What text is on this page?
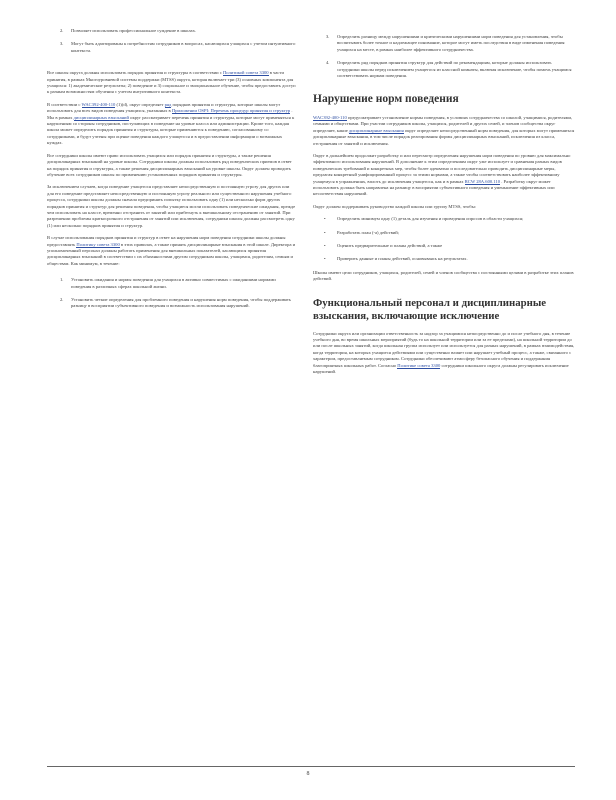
2. Позволяет использовать профессиональное суждение в школах.
3. Могут быть адаптированы к потребностям сотрудников в вопросах, касающихся учащихся с учетом интуитивного контекста.

Все школы округа должны использовать порядок принятия и структуры в соответствии с Политикой совета 3300 в части принятия, в рамках Многоуровневой системы поддержки (МТSS) округа, которая включает три (3) основных компонента для учащихся: 1) академические результаты; 2) поведение и 3) социальное и эмоциональное обучение, чтобы предоставить доступ к разным возможностям обучения с учетом интуитивного контекста.

В соответствии с WAC392-400-110 (1)(d), округ определяет ряд порядков принятия и структуры, которые школы могут использовать для всех видов поведения учащихся, указанных в Приложении OSPI: Перечень процедур принятия и структур . Мы в рамках дисциплинарных взысканий округ рассматривает перечень принятия и структуры, которые могут применяться к нарушениям со стороны сотрудников, поступающих в поведение на уровне класса или администрации. Кроме того, каждая школа может определить порядок принятия и структуры, которые применяются к поведению, согласованному со сотрудниками, и будут учтены при оценке поведения каждого учащегося и в предоставлении информации о возможных нуждах.

Все сотрудники школы имеют право использовать учащихся или порядок принятия и структуры, а также решения дисциплинарных взысканий на уровне школы. Сотрудники школы должны использовать ряд поведенческих приемов в ответ на порядок принятия и структуры, а также решения дисциплинарных взысканий на уровне школы. Округ должен проводить обучение всех сотрудников школы по применению установленных порядков принятия и структуры.

За исключением случаев, когда поведение учащегося представляет непосредственную и постоянную угрозу для других или для его поведение представляет непосредственную и постоянную угрозу реального или существенного нарушения учебного процесса, сотрудники школы должны сначала предпринять попытку использовать одну (1) или несколько форм других порядков принятия и структур для решения поведения, чтобы учащиеся могли использовать поведенческие ожидания, прежде чем использовать на классе, временно отстранить от занятий или прибегнуть к внешкольному отстранению от занятий. При разрешении проблемы краткосрочного отстранения от занятий или исключения, сотрудники школы должны рассмотреть одну (1) или несколько порядков принятия и структур.

В случае использования порядков принятия и структур в ответ на нарушения норм поведения сотрудники школы должны предоставлять Политику совета 3300 в этих правилах, а также принять дисциплинарные взыскания в этой школе. Директора и уполномоченный персонал должны работать применения для внешкольных показателей, касающихся принятия дисциплинарных взысканий в соответствии с их обязанностями другим сотрудникам школы, учащимся, родителям, семьям и обществам. Как минимум, в течение:

1. Установить ожидания и нормы поведения для учащихся в активно совместимых с ожиданиями нормами поведения в различных сферах школьной жизни.
2. Установить четкие определения для проблемного поведения и нарушения норм поведения, чтобы поддерживать разницу в восприятии субъективного поведения и возможность использования нарушений.
3. Определить разницу между нарушениями и критическими нарушениями норм поведения для установления, чтобы воспитывать более точное и надлежащее понимание, которое могут иметь последствия в виде изменения поведения учащихся на месте, в рамках наиболее эффективного сотрудничества.
4. Определить ряд порядков принятия структур для действий по рекомендациям, которые должны использовать сотрудники школы перед исключением учащегося из классной комнаты, включая исключение, чтобы помочь учащимся соответствовать нормам поведения.
Нарушение норм поведения

WAC392-400-110 предусматривает установление нормы поведения, в условиях сотрудничества со школой, учащимися, родителями, семьями и обществами. При участии сотрудников школы, учащихся, родителей и других семей, и членов сообщества округ определяет, какие дисциплинарные взыскания округ определяет непосредственный норм поведения, для которых могут применяться дисциплинарные взыскания, в том числе порядок реагирования формы дисциплинарных взысканий, исключения из класса, отстранения от занятий и исключения.

Округ в дальнейшем продолжит разработку и или пересмотр определения нарушения норм поведения по уровню для максимально эффективного использования нарушений. В дополнение к этим определениям округ уже использует и сравнения разных видов поведенческих требований и конкретных мер, чтобы более адекватно и последовательно проводить дисциплинарные меры, предлагая конкретный унифицированный процесс за этими нормами, а также чтобы соответствовать наиболее эффективному учащемуся в упражнениях, вплоть до исключения учащегося, как и в рамках RCW 28A.600.110 . Разработку округ может использовать должна быть направлена на разницу в восприятии субъективного поведения и уменьшение эффективных или несоответствия нарушений.

Округ должен поддерживать руководство каждой школы или группу MTSS, чтобы:

• Определить минимум одну (1) деталь для изучения и проведения опросов в области учащихся;
• Разработать план (-а) действий;
• Оценить предварительные и планы действий, а также
• Проверить данные и планы действий, основываясь на результатах.

Школы имеют цели сотрудников, учащихся, родителей, семей и членов сообщества с постоянными целями в разработке этих планов действий.

Функциональный персонал и дисциплинарные взыскания, включающие исключение

Сотрудники округа или организации ответственность за надзор за учащимися непосредственно до и после учебного дня, в течение учебного дня, во время школьных мероприятий (будь то на школьной территории или за ее пределами), на школьной территории до или после школьных занятий, когда школьная группа использует или используется для разных нарушений, в рамках взаимодействия, когда территория, на которых учащиеся действиями или существенно влияет или нарушает учебный процесс, а также, связанного с характером, предоставляемым сотрудником. Сотрудники обеспечивают атмосферу безопасного обучения и поддержания благоприятных школьных работ. Согласно Политике совета 3300 сотрудники школьного округа должны регулировать исключение нарушений.

8
